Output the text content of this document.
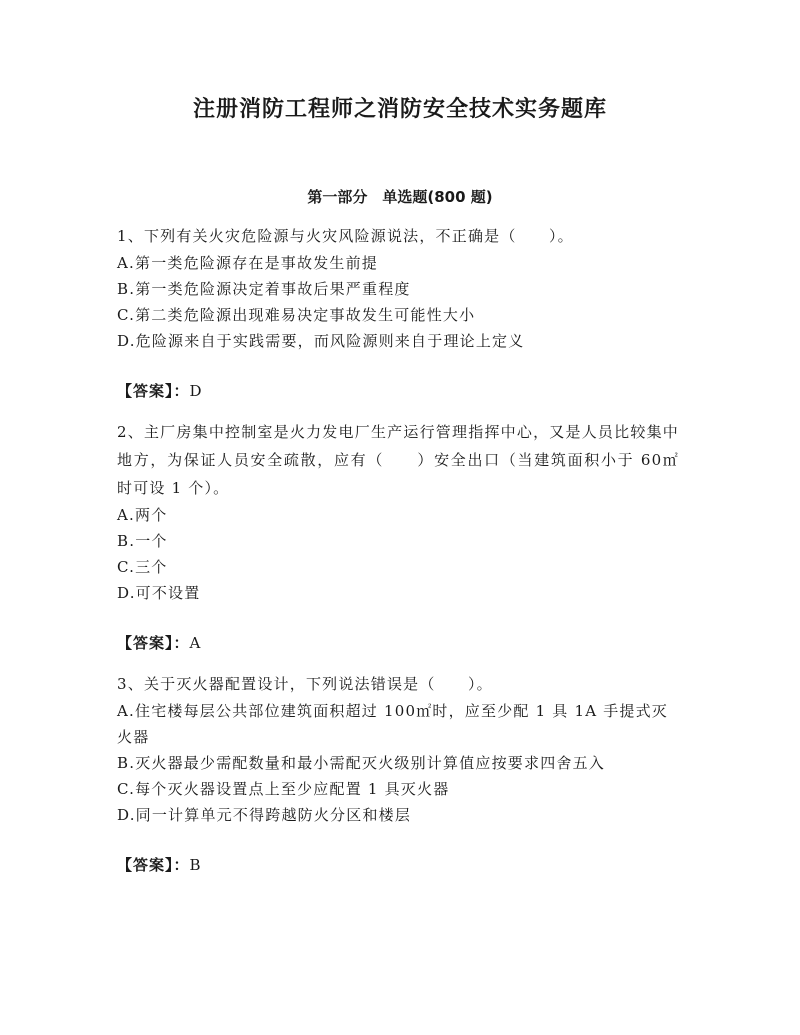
注册消防工程师之消防安全技术实务题库
第一部分　单选题(800 题)
1、下列有关火灾危险源与火灾风险源说法，不正确是（　　）。
A.第一类危险源存在是事故发生前提
B.第一类危险源决定着事故后果严重程度
C.第二类危险源出现难易决定事故发生可能性大小
D.危险源来自于实践需要，而风险源则来自于理论上定义
【答案】：D
2、主厂房集中控制室是火力发电厂生产运行管理指挥中心，又是人员比较集中地方，为保证人员安全疏散，应有（　　）安全出口（当建筑面积小于 60㎡时可设 1 个）。
A.两个
B.一个
C.三个
D.可不设置
【答案】：A
3、关于灭火器配置设计，下列说法错误是（　　）。
A.住宅楼每层公共部位建筑面积超过 100㎡时，应至少配 1 具 1A 手提式灭火器
B.灭火器最少需配数量和最小需配灭火级别计算值应按要求四舍五入
C.每个灭火器设置点上至少应配置 1 具灭火器
D.同一计算单元不得跨越防火分区和楼层
【答案】：B
